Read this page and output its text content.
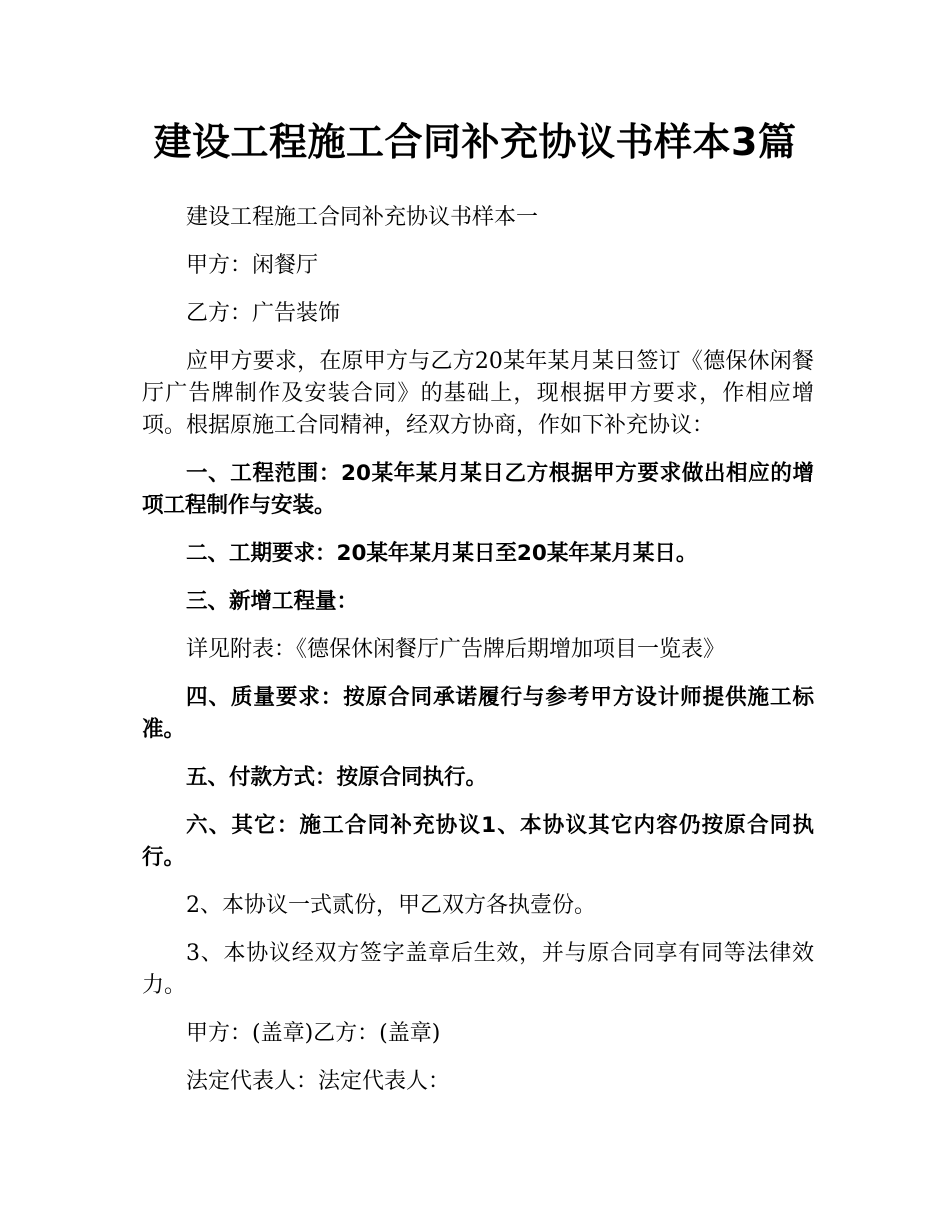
建设工程施工合同补充协议书样本3篇

建设工程施工合同补充协议书样本一

甲方：闲餐厅

乙方：广告装饰

应甲方要求，在原甲方与乙方20某年某月某日签订《德保休闲餐厅广告牌制作及安装合同》的基础上，现根据甲方要求，作相应增项。根据原施工合同精神，经双方协商，作如下补充协议：

一、工程范围：20某年某月某日乙方根据甲方要求做出相应的增项工程制作与安装。

二、工期要求：20某年某月某日至20某年某月某日。

三、新增工程量：

详见附表：《德保休闲餐厅广告牌后期增加项目一览表》

四、质量要求：按原合同承诺履行与参考甲方设计师提供施工标准。

五、付款方式：按原合同执行。

六、其它：施工合同补充协议1、本协议其它内容仍按原合同执行。

2、本协议一式贰份，甲乙双方各执壹份。

3、本协议经双方签字盖章后生效，并与原合同享有同等法律效力。

甲方：(盖章)乙方：(盖章)

法定代表人：法定代表人：
